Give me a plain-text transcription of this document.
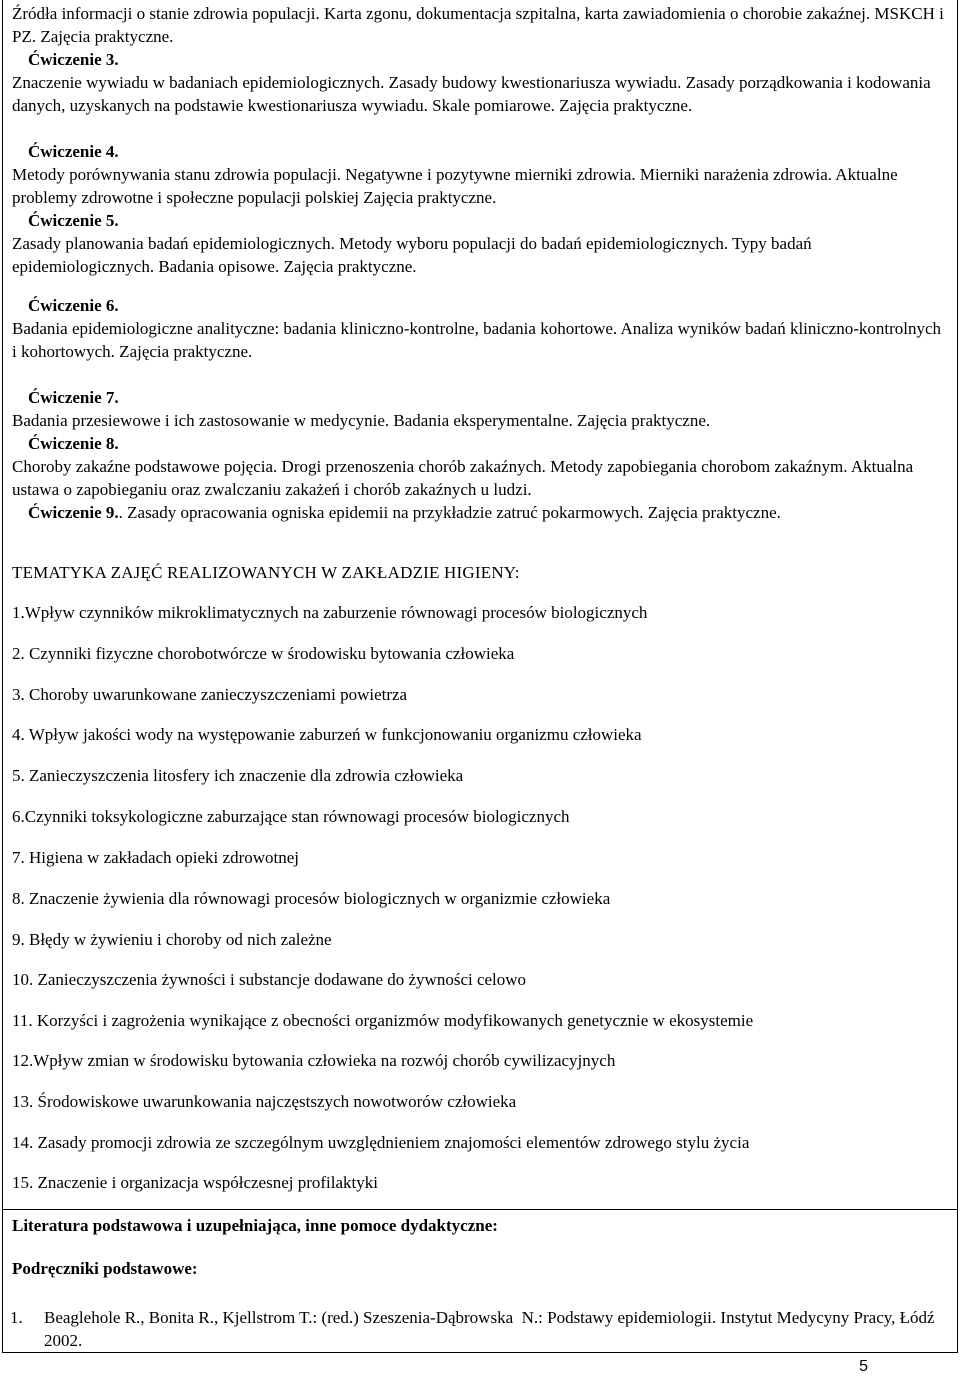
Źródła informacji o stanie zdrowia populacji. Karta zgonu, dokumentacja szpitalna, karta zawiadomienia o chorobie zakaźnej. MSKCH i PZ. Zajęcia praktyczne.

Ćwiczenie 3.

Znaczenie wywiadu w badaniach epidemiologicznych. Zasady budowy kwestionariusza wywiadu. Zasady porządkowania i kodowania danych, uzyskanych na podstawie kwestionariusza wywiadu. Skale pomiarowe. Zajęcia praktyczne.

Ćwiczenie 4.

Metody porównywania stanu zdrowia populacji. Negatywne i pozytywne mierniki zdrowia. Mierniki narażenia zdrowia. Aktualne problemy zdrowotne i społeczne populacji polskiej Zajęcia praktyczne.

Ćwiczenie 5.

Zasady planowania badań epidemiologicznych. Metody wyboru populacji do badań epidemiologicznych. Typy badań epidemiologicznych. Badania opisowe. Zajęcia praktyczne.

Ćwiczenie 6.

Badania epidemiologiczne analityczne: badania kliniczno-kontrolne, badania kohortowe. Analiza wyników badań kliniczno-kontrolnych
i kohortowych. Zajęcia praktyczne.

Ćwiczenie 7.

Badania przesiewowe i ich zastosowanie w medycynie. Badania eksperymentalne. Zajęcia praktyczne.

Ćwiczenie 8.

Choroby zakaźne podstawowe pojęcia. Drogi przenoszenia chorób zakaźnych. Metody zapobiegania chorobom zakaźnym. Aktualna ustawa o zapobieganiu oraz zwalczaniu zakażeń i chorób zakaźnych u ludzi.

Ćwiczenie 9.. Zasady opracowania ogniska epidemii na przykładzie zatruć pokarmowych. Zajęcia praktyczne.

TEMATYKA ZAJĘĆ REALIZOWANYCH W ZAKŁADZIE HIGIENY:
1.Wpływ czynników mikroklimatycznych na zaburzenie równowagi procesów biologicznych
2. Czynniki fizyczne chorobotwórcze w środowisku bytowania człowieka
3. Choroby uwarunkowane zanieczyszczeniami powietrza
4. Wpływ jakości wody na występowanie zaburzeń w funkcjonowaniu organizmu człowieka
5. Zanieczyszczenia litosfery ich znaczenie dla zdrowia człowieka
6.Czynniki toksykologiczne zaburzające stan równowagi procesów biologicznych
7. Higiena w zakładach opieki zdrowotnej
8. Znaczenie żywienia dla równowagi procesów biologicznych w organizmie człowieka
9. Błędy w żywieniu i choroby od nich zależne
10. Zanieczyszczenia żywności i substancje dodawane do żywności celowo
11. Korzyści i zagrożenia wynikające z obecności organizmów modyfikowanych genetycznie w ekosystemie
12.Wpływ zmian w środowisku bytowania człowieka na rozwój chorób cywilizacyjnych
13. Środowiskowe uwarunkowania najczęstszych nowotworów człowieka
14. Zasady promocji zdrowia ze szczególnym uwzględnieniem znajomości elementów zdrowego stylu życia
15. Znaczenie i organizacja współczesnej profilaktyki
Literatura podstawowa i uzupełniająca, inne pomoce dydaktyczne:
Podręczniki podstawowe:
1. Beaglehole R., Bonita R., Kjellstrom T.: (red.) Szeszenia-Dąbrowska  N.: Podstawy epidemiologii. Instytut Medycyny Pracy, Łódź 2002.
5
